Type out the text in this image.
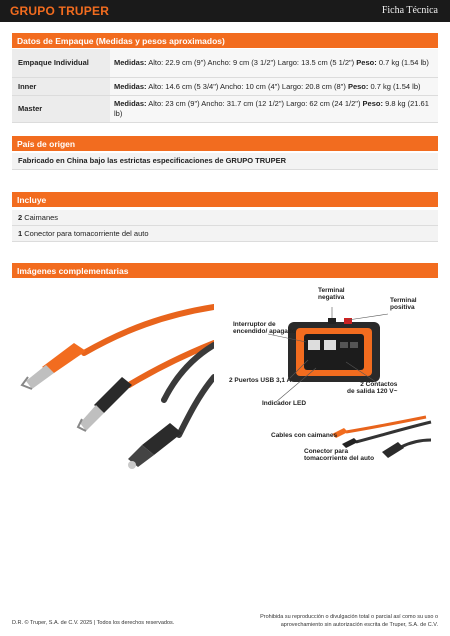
GRUPO TRUPER	Ficha Técnica
Datos de Empaque (Medidas y pesos aproximados)
Empaque Individual	Medidas: Alto: 22.9 cm (9") Ancho: 9 cm (3 1/2") Largo: 13.5 cm (5 1/2") Peso: 0.7 kg (1.54 lb)
Inner	Medidas: Alto: 14.6 cm (5 3/4") Ancho: 10 cm (4") Largo: 20.8 cm (8") Peso: 0.7 kg (1.54 lb)
Master	Medidas: Alto: 23 cm (9") Ancho: 31.7 cm (12 1/2") Largo: 62 cm (24 1/2") Peso: 9.8 kg (21.61 lb)
País de origen
Fabricado en China bajo las estrictas especificaciones de GRUPO TRUPER
Incluye
2 Caimanes
1 Conector para tomacorriente del auto
Imágenes complementarias
Terminal
negativa	Terminal
positiva
Interruptor de
encendido/ apagado
2 Puertos USB 3,1 A
2 Contactos
de salida 120 V~
Indicador LED
Cables con caimanes
Conector para
tomacorriente del auto
D.R. © Truper, S.A. de C.V. 2025 | Todos los derechos reservados.
Prohibida su reproducción o divulgación total o parcial así como su uso o
aprovechamiento sin autorización escrita de Truper, S.A. de C.V.
